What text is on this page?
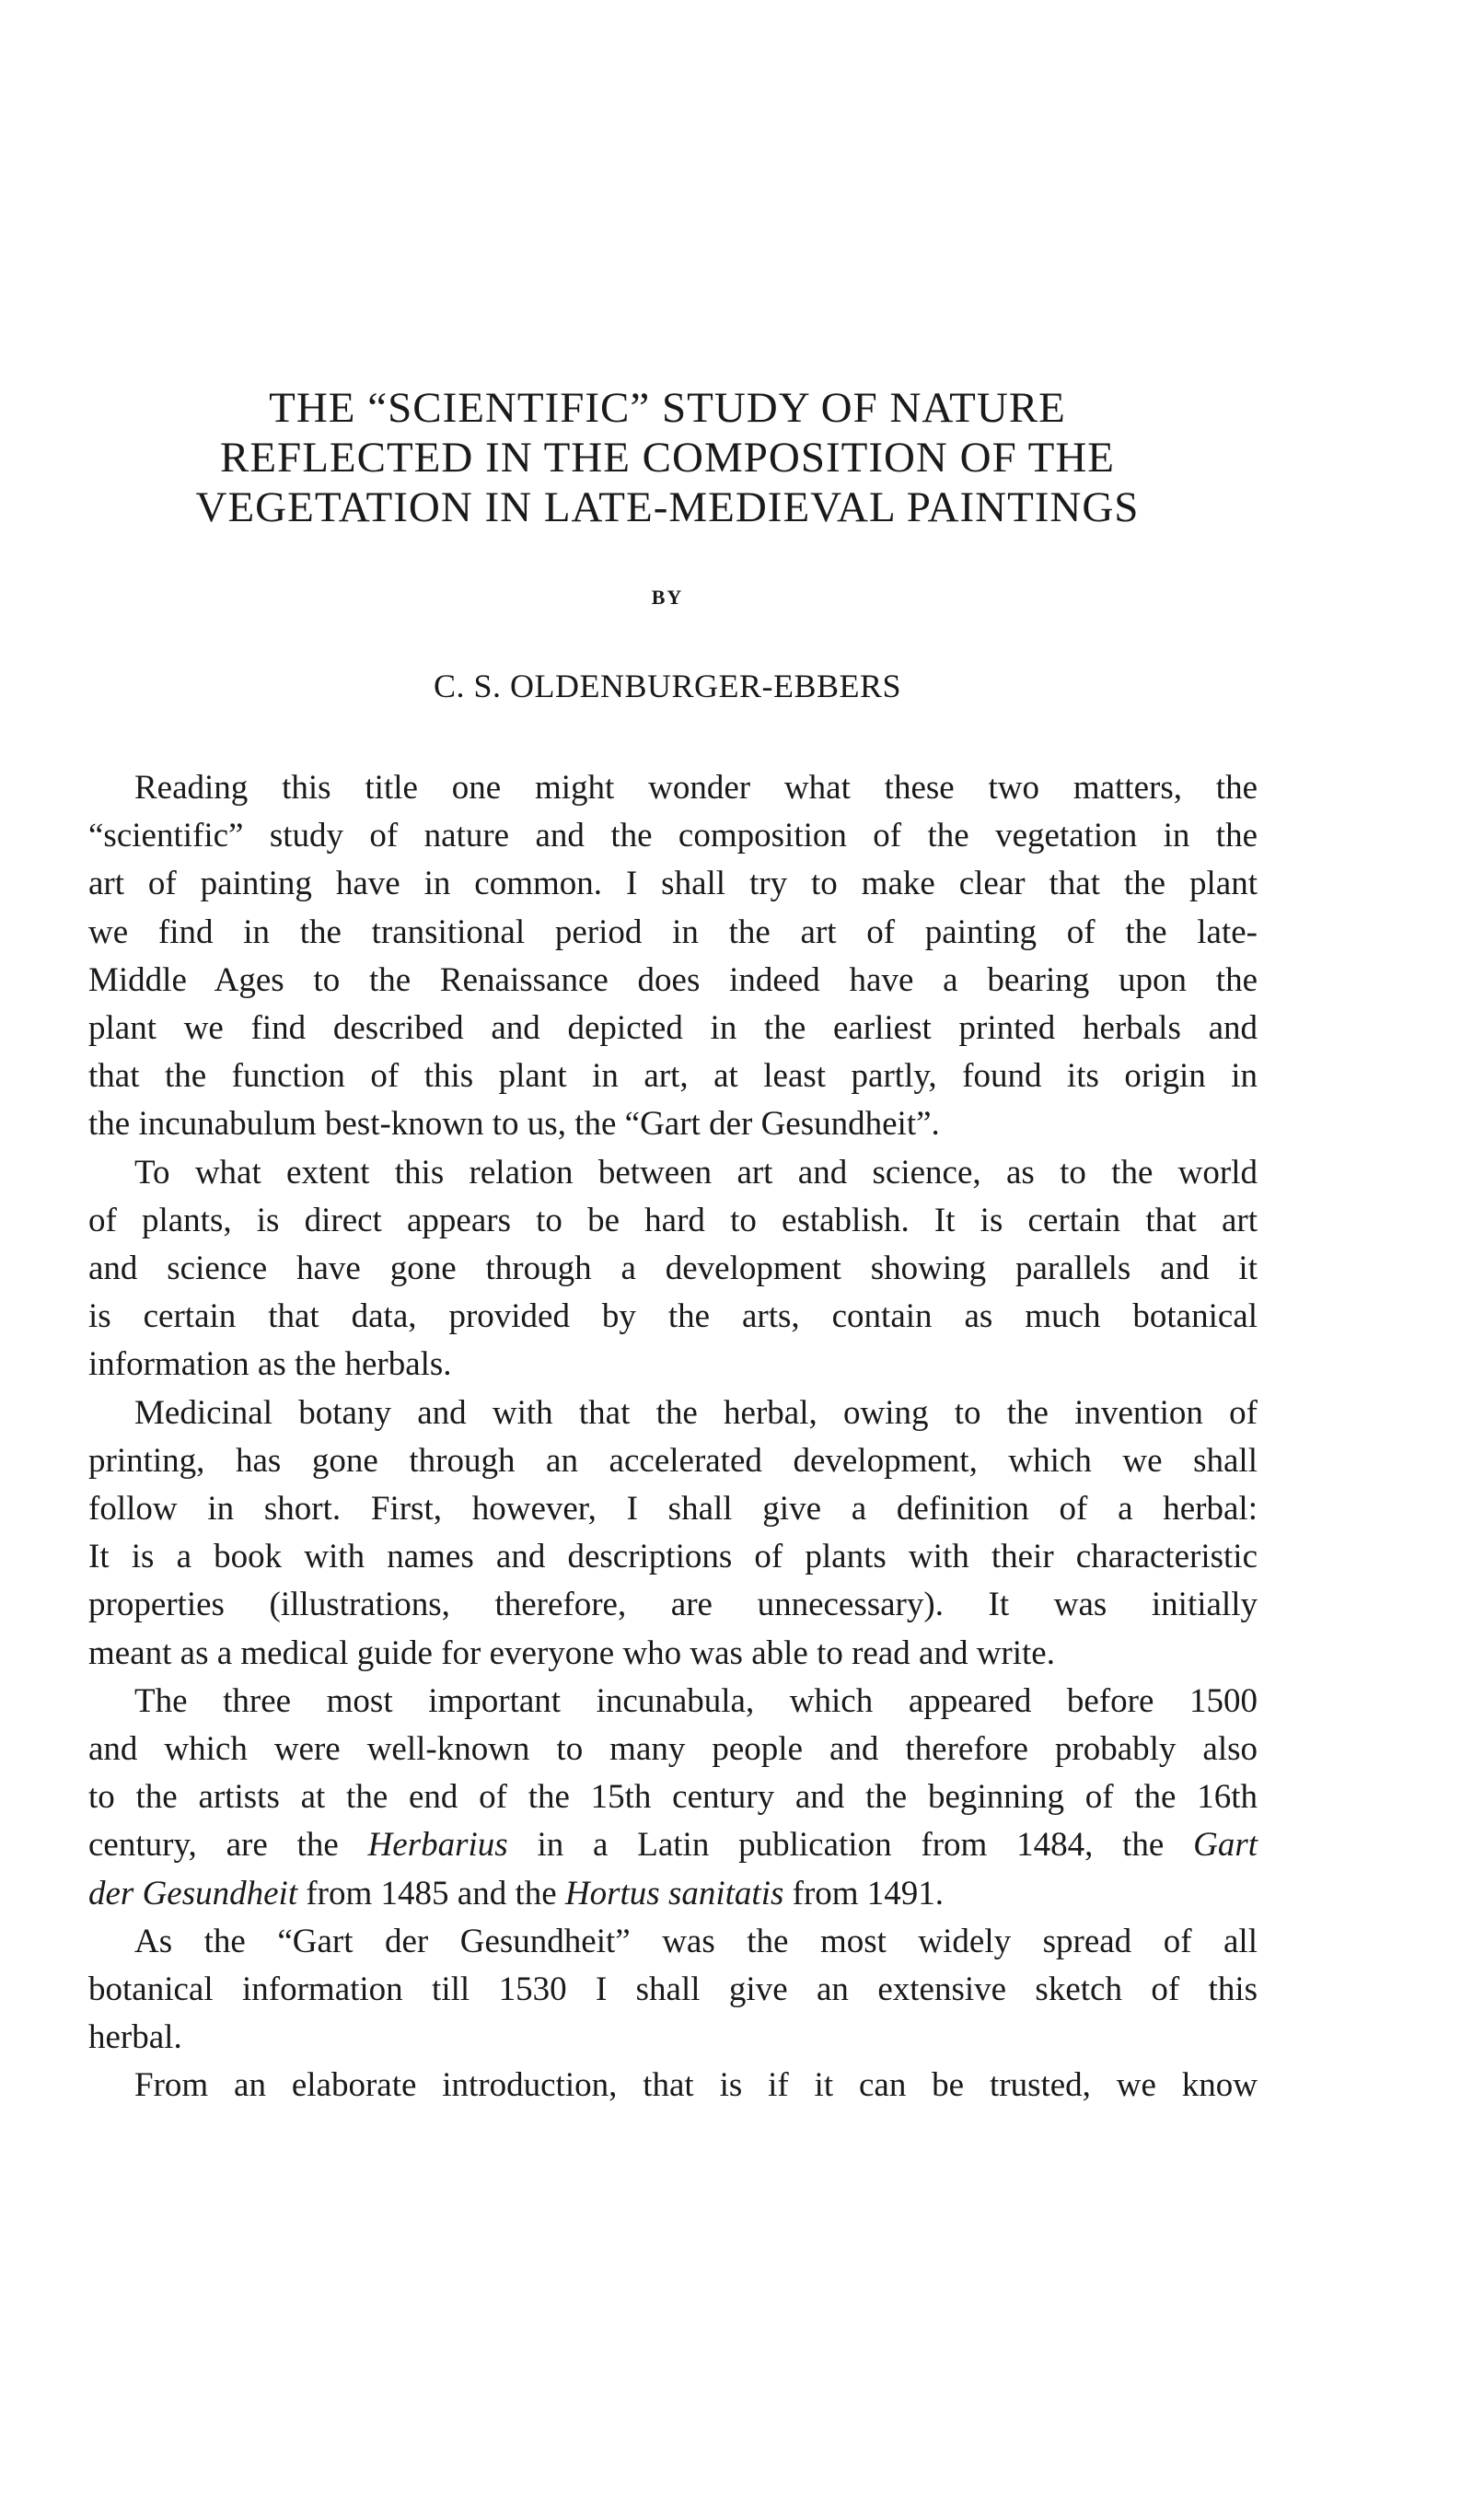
THE “SCIENTIFIC” STUDY OF NATURE
REFLECTED IN THE COMPOSITION OF THE
VEGETATION IN LATE-MEDIEVAL PAINTINGS
BY
C. S. OLDENBURGER-EBBERS

Reading this title one might wonder what these two matters, the
“scientific” study of nature and the composition of the vegetation in the
art of painting have in common. I shall try to make clear that the plant
we find in the transitional period in the art of painting of the late-
Middle Ages to the Renaissance does indeed have a bearing upon the
plant we find described and depicted in the earliest printed herbals and
that the function of this plant in art, at least partly, found its origin in
the incunabulum best-known to us, the “Gart der Gesundheit”.

To what extent this relation between art and science, as to the world
of plants, is direct appears to be hard to establish. It is certain that art
and science have gone through a development showing parallels and it
is certain that data, provided by the arts, contain as much botanical
information as the herbals.

Medicinal botany and with that the herbal, owing to the invention of
printing, has gone through an accelerated development, which we shall
follow in short. First, however, I shall give a definition of a herbal:
It is a book with names and descriptions of plants with their characteristic
properties (illustrations, therefore, are unnecessary). It was initially
meant as a medical guide for everyone who was able to read and write.

The three most important incunabula, which appeared before 1500
and which were well-known to many people and therefore probably also
to the artists at the end of the 15th century and the beginning of the 16th
century, are the Herbarius in a Latin publication from 1484, the Gart
der Gesundheit from 1485 and the Hortus sanitatis from 1491.

As the “Gart der Gesundheit” was the most widely spread of all
botanical information till 1530 I shall give an extensive sketch of this
herbal.

From an elaborate introduction, that is if it can be trusted, we know
